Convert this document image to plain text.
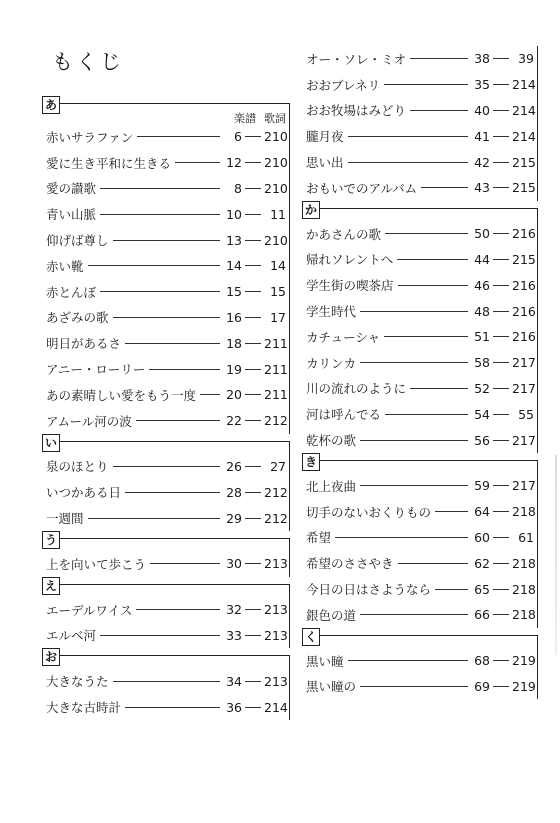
もくじ
あ
楽譜 歌詞
赤いサラファン	6 210
愛に生き平和に生きる	12 210
愛の讃歌	8 210
青い山脈	10	11
仰げば尊し	13 210
赤い靴	14	14
赤とんぼ	15	15
あざみの歌	16	17
明日があるさ	18 211
アニー・ローリー	19 211
あの素晴しい愛をもう一度 20 211
アムール河の波	22 212
い
泉のほとり	26	27
いつかある日	28 212
一週間	29 212
う
上を向いて歩こう	30 213
え
エーデルワイス	32 213
エルベ河	33 213
お
大きなうた	34 213
大きな古時計	36 214
オー・ソレ・ミオ	38	39
おおブレネリ	35 214
おお牧場はみどり	40 214
朧月夜	41 214
思い出	42 215
おもいでのアルバム	43 215
か
かあさんの歌	50 216
帰れソレントへ	44 215
学生街の喫茶店	46 216
学生時代	48 216
カチューシャ	51 216
カリンカ	58 217
川の流れのように	52 217
河は呼んでる	54	55
乾杯の歌	56 217
き
北上夜曲	59 217
切手のないおくりもの	64 218
希望	60	61
希望のささやき	62 218
今日の日はさようなら	65 218
銀色の道	66 218
く
黒い瞳	68 219
黒い瞳の	69 219
